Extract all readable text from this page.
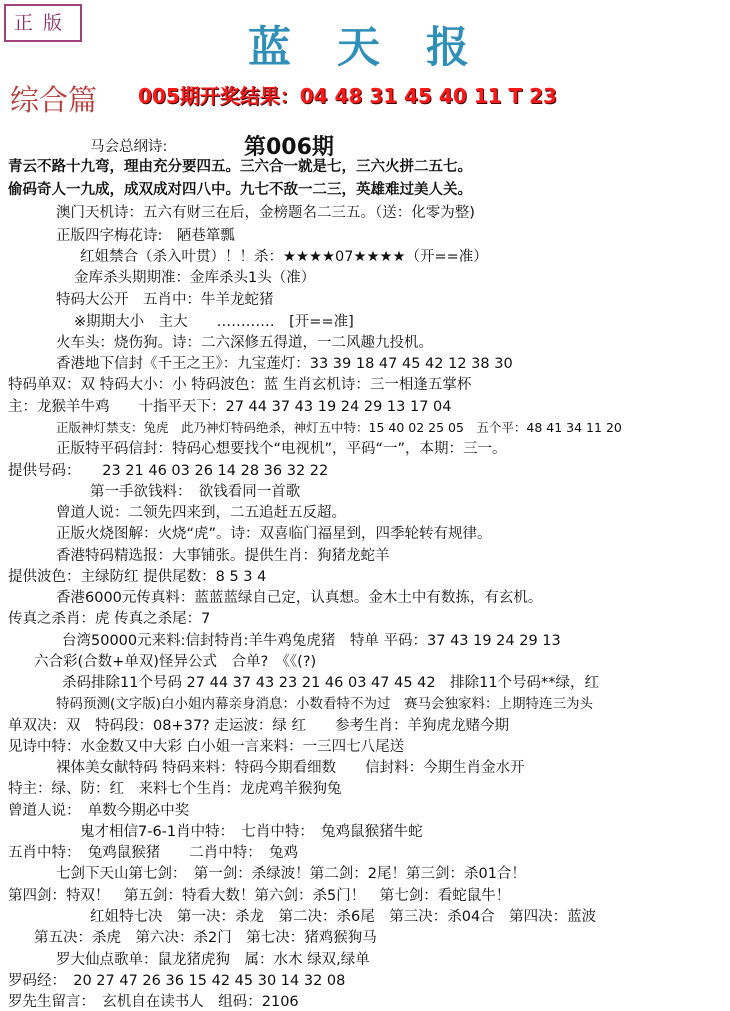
正版	蓝天报
综合篇 005期开奖结果：04 48 31 45 40 11 T 23
第006期
马会总纲诗:
青云不路十九弯，理由充分要四五。三六合一就是七，三六火拼二五七。
偷码奇人一九成，成双成对四八中。九七不敌一二三，英雄难过美人关。
澳门天机诗：五六有财三在后，金榜题名二三五。（送：化零为整)
正版四字梅花诗:　陋巷箪瓢
红姐禁合（杀入叶贯）！！杀：★★★★07★★★★（开==准）
金库杀头期期准：金库杀头1头（准）
特码大公开　五肖中：牛羊龙蛇猪
※期期大小　主大　　…………　[开==准]
火车头：烧伤狗。诗：二六深修五得道，一二风趣九投机。
香港地下信封《千王之王》：九宝莲灯：33 39 18 47 45 42 12 38 30
特码单双：双 特码大小：小 特码波色：蓝 生肖玄机诗：三一相逢五掌杯
主：龙猴羊牛鸡　　十指平天下：27 44 37 43 19 24 29 13 17 04
正版神灯禁支：兔虎　此乃神灯特码绝杀，神灯五中特：15 40 02 25 05　五个平：48 41 34 11 20
正版特平码信封：特码心想要找个“电视机”，平码“一”，本期：三一。
提供号码：　　23 21 46 03 26 14 28 36 32 22
第一手欲钱料：　欲钱看同一首歌
曾道人说：二领先四来到，二五追赶五反超。
正版火烧图解：火烧“虎”。诗：双喜临门福星到，四季轮转有规律。
香港特码精选报：大事铺张。提供生肖：狗猪龙蛇羊
提供波色：主绿防红 提供尾数：8 5 3 4
香港6000元传真料：蓝蓝蓝绿自己定，认真想。金木土中有数拣，有玄机。
传真之杀肖：虎 传真之杀尾：7
台湾50000元来料:信封特肖:羊牛鸡兔虎猪　特单 平码：37 43 19 24 29 13
六合彩(合数+单双)怪异公式　合单?　《《(?)
杀码排除11个号码 27 44 37 43 23 21 46 03 47 45 42　排除11个号码**绿，红
特码预测(文字版)白小姐内幕亲身消息：小数看特不为过　赛马会独家料：上期特连三为头
单双决：双　特码段：08+37? 走运波：绿 红　　参考生肖：羊狗虎龙赌今期
见诗中特：水金数又中大彩 白小姐一言来料：一三四七八尾送
裸体美女献特码 特码来料：特码今期看细数　　信封料：今期生肖金水开
特主：绿、防：红　来料七个生肖：龙虎鸡羊猴狗兔
曾道人说：　单数今期必中奖
鬼才相信7-6-1肖中特：　七肖中特：　兔鸡鼠猴猪牛蛇
五肖中特：　兔鸡鼠猴猪　　二肖中特：　兔鸡
七剑下天山第七剑：　第一剑：杀绿波！第二剑：2尾！第三剑：杀01合！
第四剑：特双！　第五剑：特看大数！第六剑：杀5门！　第七剑：看蛇鼠牛！
红姐特七决　第一决：杀龙　第二决：杀6尾　第三决：杀04合　第四决：蓝波
第五决：杀虎　第六决：杀2门　第七决：猪鸡猴狗马
罗大仙点歌单：鼠龙猪虎狗　属：水木 绿双,绿单
罗码经：　20 27 47 26 36 15 42 45 30 14 32 08
罗先生留言：　玄机自在读书人　组码：2106
